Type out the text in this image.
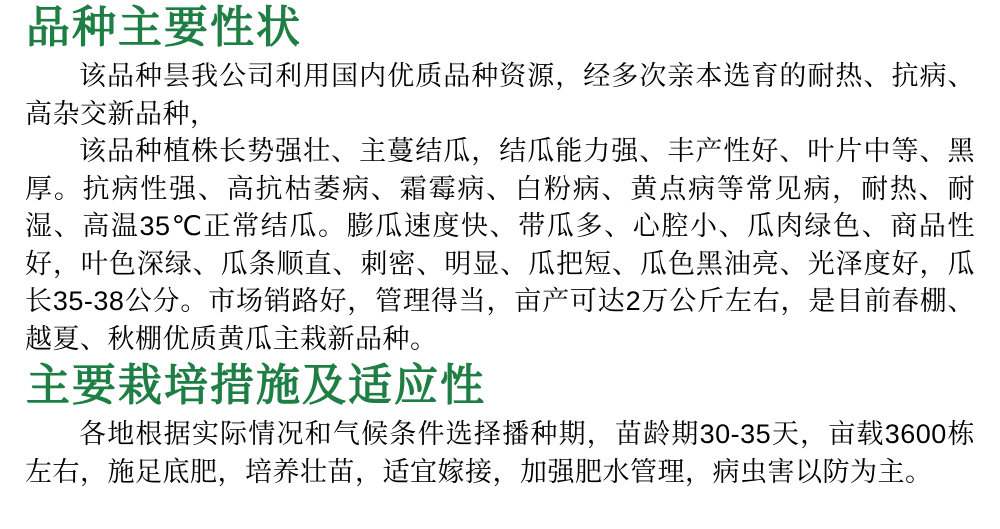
品种主要性状

该品种昙我公司利用国内优质品种资源，经多次亲本选育的耐热、抗病、高杂交新品种，

该品种植株长势强壮、主蔓结瓜，结瓜能力强、丰产性好、叶片中等、黑厚。抗病性强、高抗枯萎病、霜霉病、白粉病、黄点病等常见病，耐热、耐湿、高温35℃正常结瓜。膨瓜速度快、带瓜多、心腔小、瓜肉绿色、商品性好，叶色深绿、瓜条顺直、刺密、明显、瓜把短、瓜色黑油亮、光泽度好，瓜长35-38公分。市场销路好，管理得当，亩产可达2万公斤左右，是目前春棚、越夏、秋棚优质黄瓜主栽新品种。

主要栽培措施及适应性

各地根据实际情况和气候条件选择播种期，苗龄期30-35天，亩载3600栋左右，施足底肥，培养壮苗，适宜嫁接，加强肥水管理，病虫害以防为主。
